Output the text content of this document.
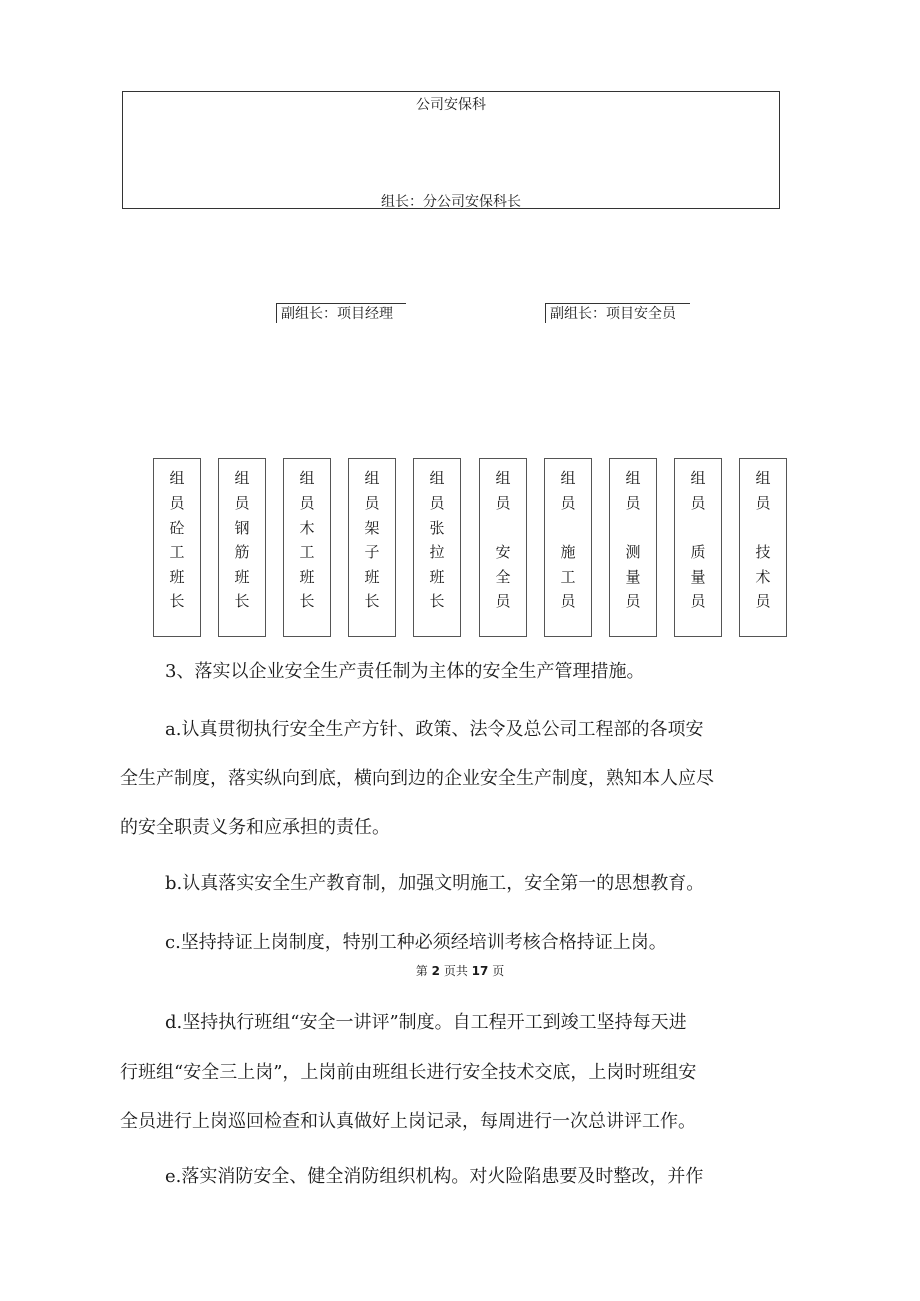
公司安保科
组长：分公司安保科长
副组长：项目经理	副组长：项目安全员
组
员
砼
工
班
长
组
员
钢
筋
班
长
组
员
木
工
班
长
组
员
架
子
班
长
组
员
张
拉
班
长
组
员
安
全
员
组
员
施
工
员
组
员
测
量
员
组
员
质
量
员
组
员
技
术
员
3、落实以企业安全生产责任制为主体的安全生产管理措施。
a.认真贯彻执行安全生产方针、政策、法令及总公司工程部的各项安
全生产制度，落实纵向到底，横向到边的企业安全生产制度，熟知本人应尽
的安全职责义务和应承担的责任。
b.认真落实安全生产教育制，加强文明施工，安全第一的思想教育。
c.坚持持证上岗制度，特别工种必须经培训考核合格持证上岗。
第 2 页共 17 页
d.坚持执行班组“安全一讲评”制度。自工程开工到竣工坚持每天进
行班组“安全三上岗”，上岗前由班组长进行安全技术交底，上岗时班组安
全员进行上岗巡回检查和认真做好上岗记录，每周进行一次总讲评工作。
e.落实消防安全、健全消防组织机构。对火险陷患要及时整改，并作
